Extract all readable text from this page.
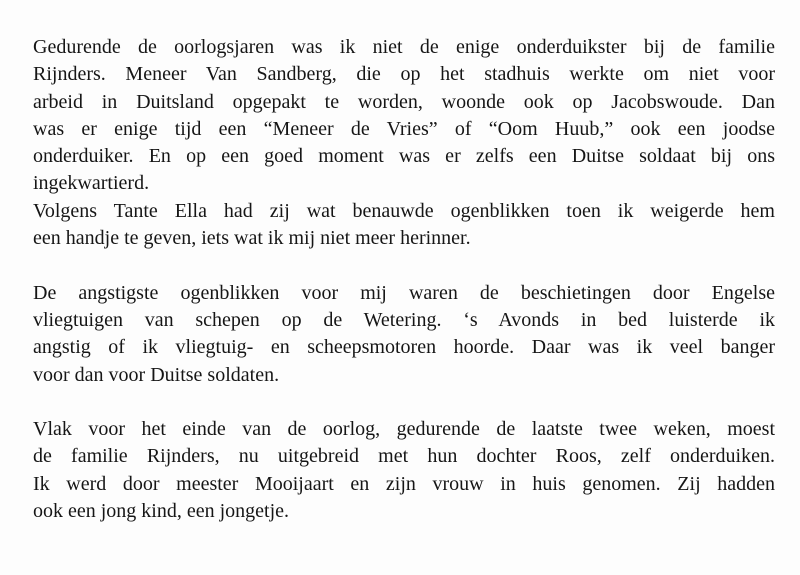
Gedurende de oorlogsjaren was ik niet de enige onderduikster bij de familie
Rijnders. Meneer Van Sandberg, die op het stadhuis werkte om niet voor
arbeid in Duitsland opgepakt te worden, woonde ook op Jacobswoude. Dan
was er enige tijd een “Meneer de Vries” of “Oom Huub,” ook een joodse
onderduiker. En op een goed moment was er zelfs een Duitse soldaat bij ons
ingekwartierd.
Volgens Tante Ella had zij wat benauwde ogenblikken toen ik weigerde hem
een handje te geven, iets wat ik mij niet meer herinner.
De angstigste ogenblikken voor mij waren de beschietingen door Engelse
vliegtuigen van schepen op de Wetering. ‘s Avonds in bed luisterde ik
angstig of ik vliegtuig- en scheepsmotoren hoorde. Daar was ik veel banger
voor dan voor Duitse soldaten.
Vlak voor het einde van de oorlog, gedurende de laatste twee weken, moest
de familie Rijnders, nu uitgebreid met hun dochter Roos, zelf onderduiken.
Ik werd door meester Mooijaart en zijn vrouw in huis genomen. Zij hadden
ook een jong kind, een jongetje.
